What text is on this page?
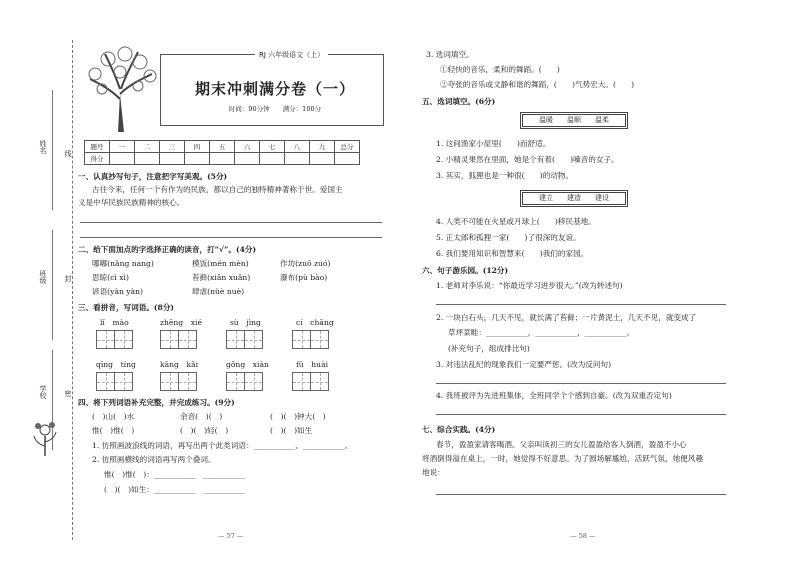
姓名 线
班级 封
学校 密
RJ 六年级语文（上）
期末冲刺满分卷（一）
时间：90分钟　　满分：100分
题号	一	二	三	四	五	六	七	八	九	总分
得分										
一、认真抄写句子，注意把字写美观。(5分)
古往今来，任何一个有作为的民族，都以自己的独特精神著称于世。爱国主
义是中华民族民族精神的核心。
二、给下面加点的字选择正确的读音，打“√”。(4分)
哪嘟(nǎng nang)	模饭(mén mèn)	作坊(zuō zuó)
思晾(cì xì)	苔藓(xiǎn xuǎn)	瀑布(pù bào)
谚语(yàn yàn)	肆虐(nüè nuè)
三、看拼音，写词语。(8分)
lǐ　mào	zhēng　xié	sù　jìng	cí　chāng
qīng　tíng	kāng　kǎi	gōng　xiàn	fǔ　huài
四、将下列词语补充完整，并完成练习。(9分)
(　)山(　)水	余音(　)(　)	(　)(　)钟大(　)
惟(　)惟(　)	(　)(　)轻(　)	(　)(　)如生
1. 仿照画波浪线的词语，再写出两个此类词语：___________、___________。
2. 仿照画横线的词语再写两个叠词。
惟(　)惟(　)：___________　___________
(　)(　)如生：___________　___________
— 57 —
3. 选词填空。
①轻快的音乐，柔和的舞蹈。(　　)
②夸张的音乐或文静和谐的舞蹈，(　　)气势宏大。(　　)
五、选词填空。(6分)
温暖　　温顺　　温柔
1. 这间渔家小屋里(　　)而舒适。
2. 小精灵果然在里面，她是个有着(　　)嗓音的女子。
3. 其实，狐狸也是一种很(　　)的动物。
建立　　建造　　建设
4. 人类不可能在火星或月球上(　　)移民基地。
5. 正太郎和孤狸一家(　　)了很深的友谊。
6. 我们要用知识和智慧来(　　)我们的家园。
六、句子游乐园。(12分)
1. 老师对李乐说：“你最近学习进步很大。”(改为转述句)
2. 一块白石头，几天不见，就长满了苔藓；一片黄泥土，几天不见，就变成了
草坪菜畦：___________，___________，___________。
(补充句子，组成排比句)
3. 对违法乱纪的现象我们一定要严惩。(改为反问句)
4. 我班被评为先进班集体，全班同学个个感到自豪。(改为双重否定句)
七、综合实践。(4分)
春节，盈盈家请客喝酒。父亲叫读初三的女儿盈盈给客人倒酒，盈盈不小心
将酒倒得溢在桌上，一时，她觉得不好意思。为了圆场解尴尬，活跃气氛，她便风趣
地说：
— 58 —
